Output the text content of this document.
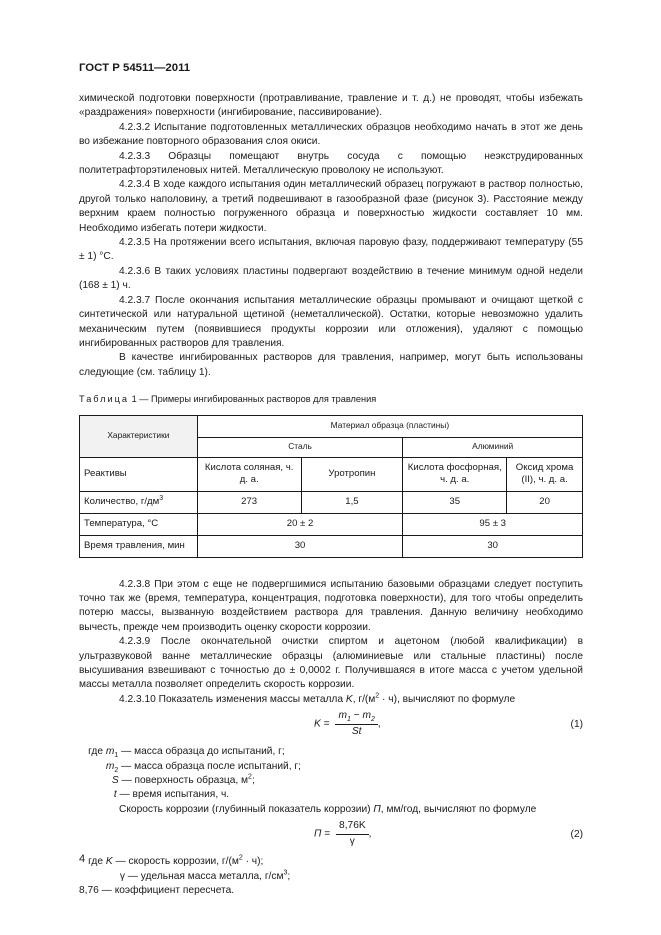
ГОСТ Р 54511—2011

химической подготовки поверхности (протравливание, травление и т. д.) не проводят, чтобы избежать «раздражения» поверхности (ингибирование, пассивирование).

4.2.3.2 Испытание подготовленных металлических образцов необходимо начать в этот же день во избежание повторного образования слоя окиси.

4.2.3.3 Образцы помещают внутрь сосуда с помощью неэкструдированных политетрафторэтиленовых нитей. Металлическую проволоку не используют.

4.2.3.4 В ходе каждого испытания один металлический образец погружают в раствор полностью, другой только наполовину, а третий подвешивают в газообразной фазе (рисунок 3). Расстояние между верхним краем полностью погруженного образца и поверхностью жидкости составляет 10 мм. Необходимо избегать потери жидкости.

4.2.3.5 На протяжении всего испытания, включая паровую фазу, поддерживают температуру (55 ± 1) °С.

4.2.3.6 В таких условиях пластины подвергают воздействию в течение минимум одной недели (168 ± 1) ч.

4.2.3.7 После окончания испытания металлические образцы промывают и очищают щеткой с синтетической или натуральной щетиной (неметаллической). Остатки, которые невозможно удалить механическим путем (появившиеся продукты коррозии или отложения), удаляют с помощью ингибированных растворов для травления.

В качестве ингибированных растворов для травления, например, могут быть использованы следующие (см. таблицу 1).

Таблица 1 — Примеры ингибированных растворов для травления
Характеристики	Материал образца (пластины)			
	Сталь		Алюминий	
Реактивы	Кислота соляная, ч. д. а.	Уротропин	Кислота фосфорная, ч. д. а.	Оксид хрома (II), ч. д. а.
Количество, $г/дм^3$	273	1,5	35	20
Температура, °С	20 ± 2		95 ± 3	
Время травления, мин	30		30	

4.2.3.8 При этом с еще не подвергшимися испытанию базовыми образцами следует поступить точно так же (время, температура, концентрация, подготовка поверхности), для того чтобы определить потерю массы, вызванную воздействием раствора для травления. Данную величину необходимо вычесть, прежде чем производить оценку скорости коррозии.

4.2.3.9 После окончательной очистки спиртом и ацетоном (любой квалификации) в ультразвуковой ванне металлические образцы (алюминиевые или стальные пластины) после высушивания взвешивают с точностью до ± 0,0002 г. Получившаяся в итоге масса с учетом удельной массы металла позволяет определить скорость коррозии.

4.2.3.10 Показатель изменения массы металла K, $г/(м^2 \cdot ч)$, вычисляют по формуле

$K = \frac{m_1 - m_2}{St}$ ,	(1)
где $m_1$ — масса образца до испытаний, г;
$m_2$ — масса образца после испытаний, г;
S — поверхность образца, $м^2$;
t — время испытания, ч.

Скорость коррозии (глубинный показатель коррозии) П, мм/год, вычисляют по формуле

$П = \frac{8,76K}{\gamma}$ ,	(2)
где K — скорость коррозии, $г/(м^2 \cdot ч)$;
γ — удельная масса металла, $г/см^3$;
8,76 — коэффициент пересчета.
4
